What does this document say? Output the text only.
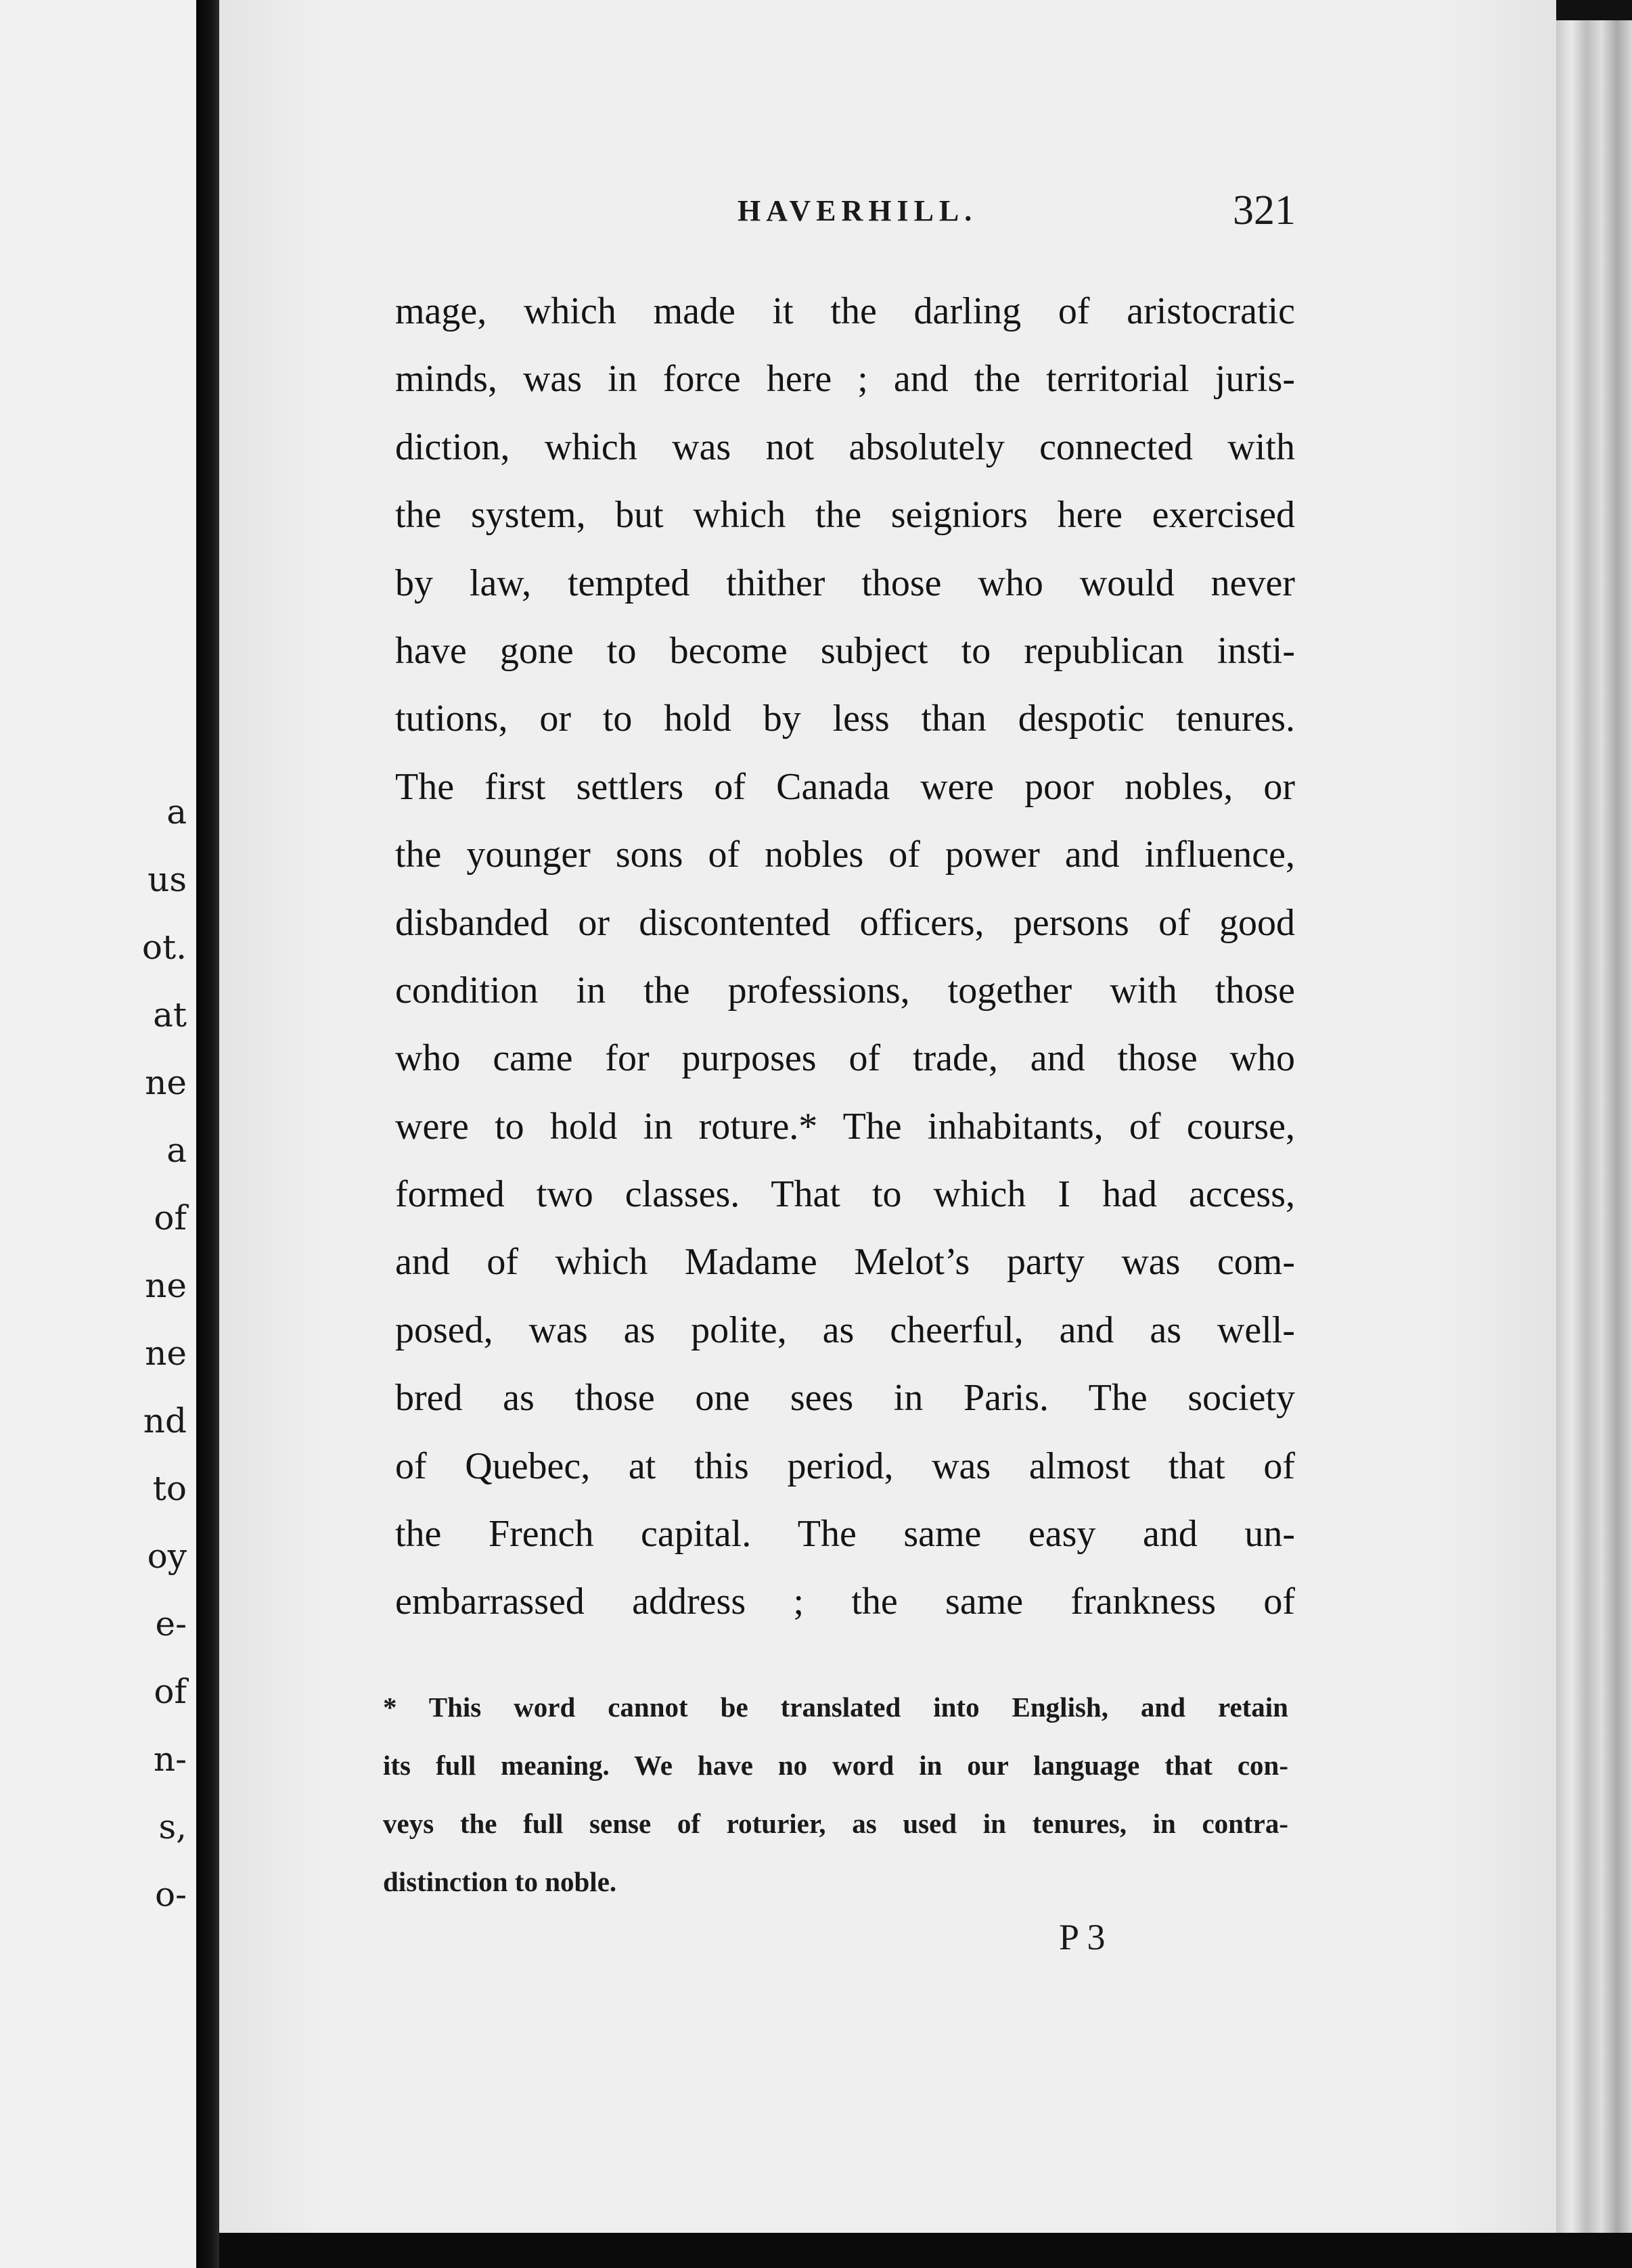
a
us
ot.
at
ne
a
of
ne
ne
nd
to
oy
e-
of
n-
s,
o-
HAVERHILL.	321
mage, which made it the darling of aristocratic
minds, was in force here ; and the territorial juris-
diction, which was not absolutely connected with
the system, but which the seigniors here exercised
by law, tempted thither those who would never
have gone to become subject to republican insti-
tutions, or to hold by less than despotic tenures.
The first settlers of Canada were poor nobles, or
the younger sons of nobles of power and influence,
disbanded or discontented officers, persons of good
condition in the professions, together with those
who came for purposes of trade, and those who
were to hold in roture.* The inhabitants, of course,
formed two classes. That to which I had access,
and of which Madame Melot’s party was com-
posed, was as polite, as cheerful, and as well-
bred as those one sees in Paris. The society
of Quebec, at this period, was almost that of
the French capital. The same easy and un-
embarrassed address ; the same frankness of
* This word cannot be translated into English, and retain
its full meaning. We have no word in our language that con-
veys the full sense of roturier, as used in tenures, in contra-
distinction to noble.
P 3
